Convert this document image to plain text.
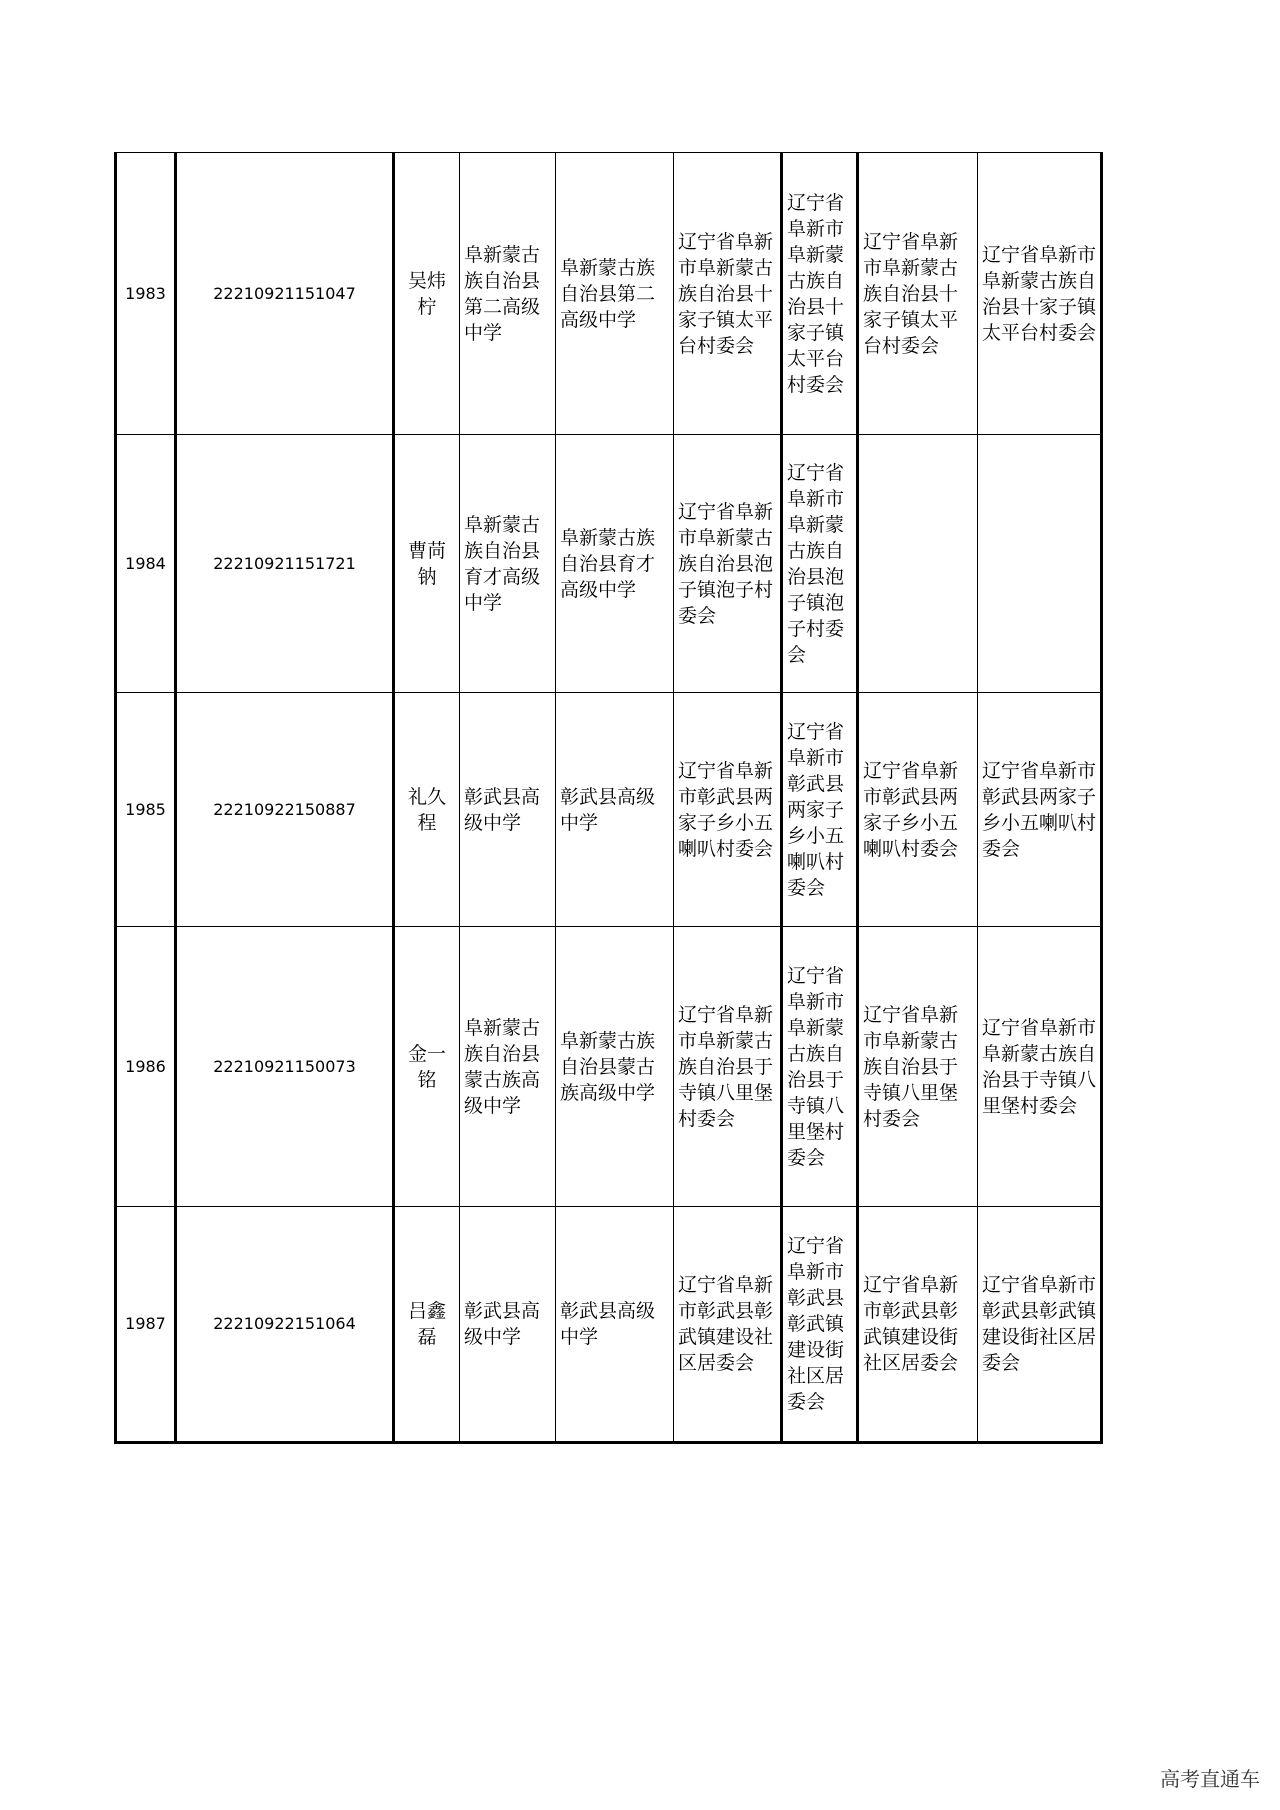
1983	22210921151047	吴炜柠	阜新蒙古族自治县第二高级中学	阜新蒙古族自治县第二高级中学	辽宁省阜新市阜新蒙古族自治县十家子镇太平台村委会	辽宁省阜新市阜新蒙古族自治县十家子镇太平台村委会	辽宁省阜新市阜新蒙古族自治县十家子镇太平台村委会	辽宁省阜新市阜新蒙古族自治县十家子镇太平台村委会
1984	22210921151721	曹苘钠	阜新蒙古族自治县育才高级中学	阜新蒙古族自治县育才高级中学	辽宁省阜新市阜新蒙古族自治县泡子镇泡子村委会	辽宁省阜新市阜新蒙古族自治县泡子镇泡子村委会		
1985	22210922150887	礼久程	彰武县高级中学	彰武县高级中学	辽宁省阜新市彰武县两家子乡小五喇叭村委会	辽宁省阜新市彰武县两家子乡小五喇叭村委会	辽宁省阜新市彰武县两家子乡小五喇叭村委会	辽宁省阜新市彰武县两家子乡小五喇叭村委会
1986	22210921150073	金一铭	阜新蒙古族自治县蒙古族高级中学	阜新蒙古族自治县蒙古族高级中学	辽宁省阜新市阜新蒙古族自治县于寺镇八里堡村委会	辽宁省阜新市阜新蒙古族自治县于寺镇八里堡村委会	辽宁省阜新市阜新蒙古族自治县于寺镇八里堡村委会	辽宁省阜新市阜新蒙古族自治县于寺镇八里堡村委会
1987	22210922151064	吕鑫磊	彰武县高级中学	彰武县高级中学	辽宁省阜新市彰武县彰武镇建设社区居委会	辽宁省阜新市彰武县彰武镇建设街社区居委会	辽宁省阜新市彰武县彰武镇建设街社区居委会	辽宁省阜新市彰武县彰武镇建设街社区居委会
高考直通车
